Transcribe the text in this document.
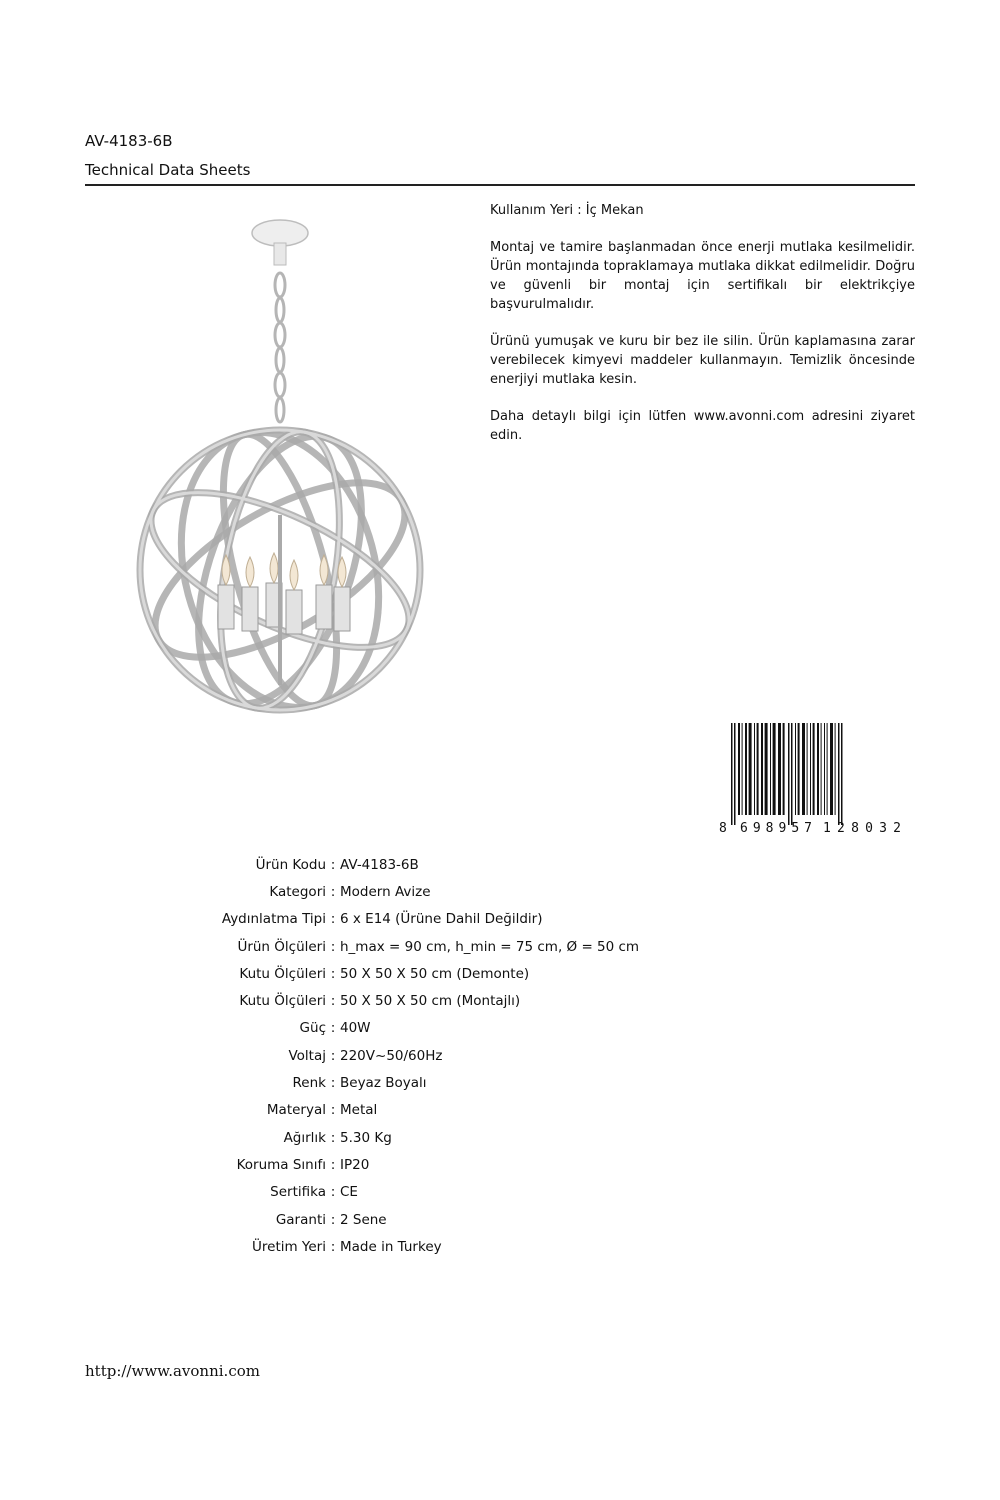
AV-4183-6B
Technical Data Sheets

Kullanım Yeri : İç Mekan

Montaj ve tamire başlanmadan önce enerji mutlaka kesilmelidir. Ürün montajında topraklamaya mutlaka dikkat edilmelidir. Doğru ve güvenli bir montaj için sertifikalı bir elektrikçiye başvurulmalıdır.

Ürünü yumuşak ve kuru bir bez ile silin. Ürün kaplamasına zarar verebilecek kimyevi maddeler kullanmayın. Temizlik öncesinde enerjiyi mutlaka kesin.

Daha detaylı bilgi için lütfen www.avonni.com adresini ziyaret edin.

8 698957 128032
Ürün Kodu	:	AV-4183-6B
Kategori	:	Modern Avize
Aydınlatma Tipi	:	6 x E14 (Ürüne Dahil Değildir)
Ürün Ölçüleri	:	h_max = 90 cm, h_min = 75 cm, Ø = 50 cm
Kutu Ölçüleri	:	50 X 50 X 50 cm (Demonte)
Kutu Ölçüleri	:	50 X 50 X 50 cm (Montajlı)
Güç	:	40W
Voltaj	:	220V~50/60Hz
Renk	:	Beyaz Boyalı
Materyal	:	Metal
Ağırlık	:	5.30 Kg
Koruma Sınıfı	:	IP20
Sertifika	:	CE
Garanti	:	2 Sene
Üretim Yeri	:	Made in Turkey
http://www.avonni.com
